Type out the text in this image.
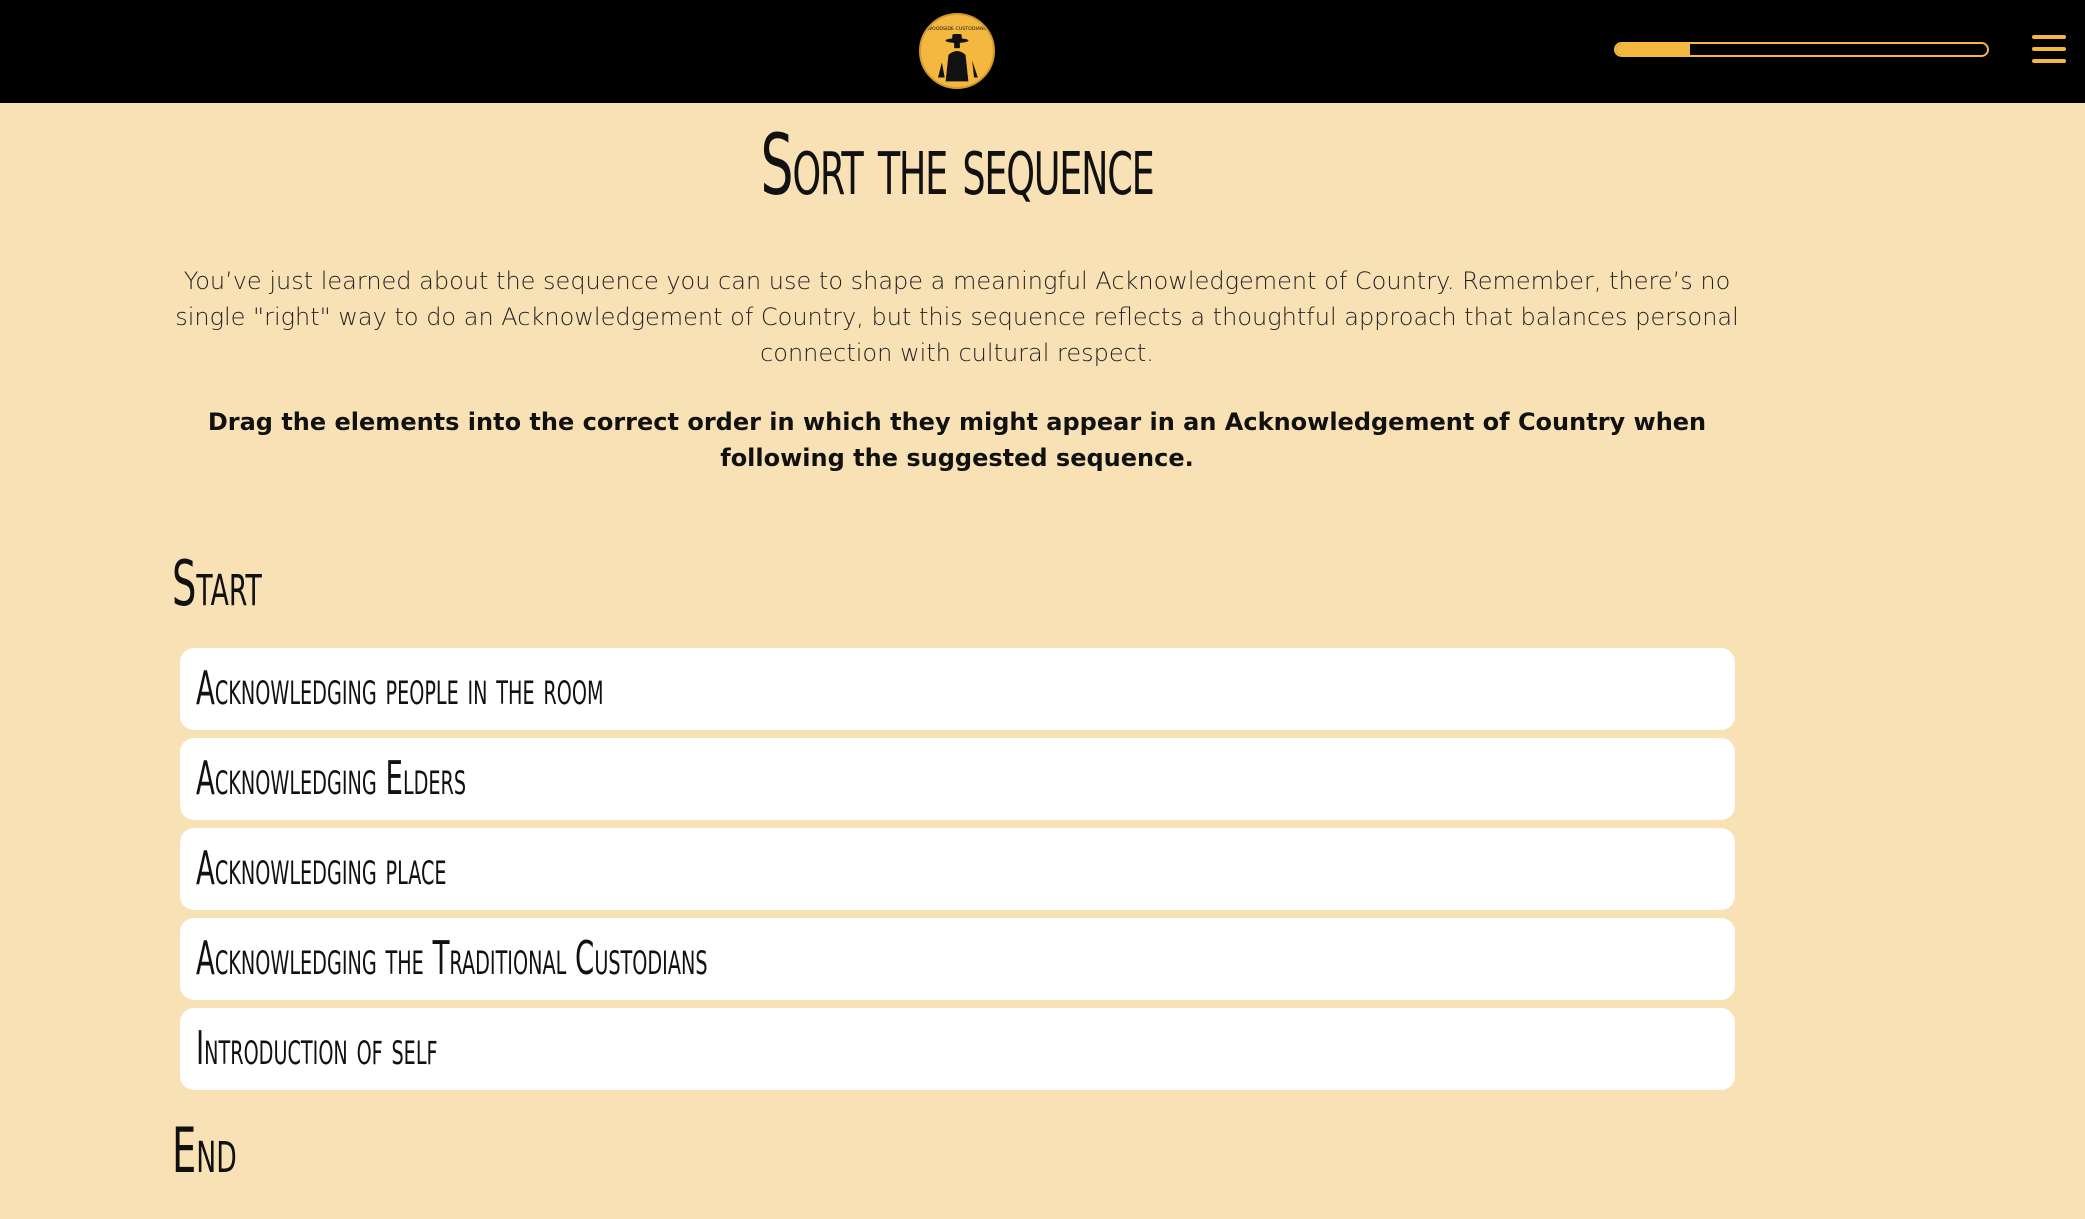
WOODSIDE CUSTODIANS
Sort the sequence
You’ve just learned about the sequence you can use to shape a meaningful Acknowledgement of Country. Remember, there’s no single "right" way to do an Acknowledgement of Country, but this sequence reflects a thoughtful approach that balances personal connection with cultural respect.
Drag the elements into the correct order in which they might appear in an Acknowledgement of Country when following the suggested sequence.
Start
Acknowledging people in the room
Acknowledging Elders
Acknowledging place
Acknowledging the Traditional Custodians
Introduction of self
End
